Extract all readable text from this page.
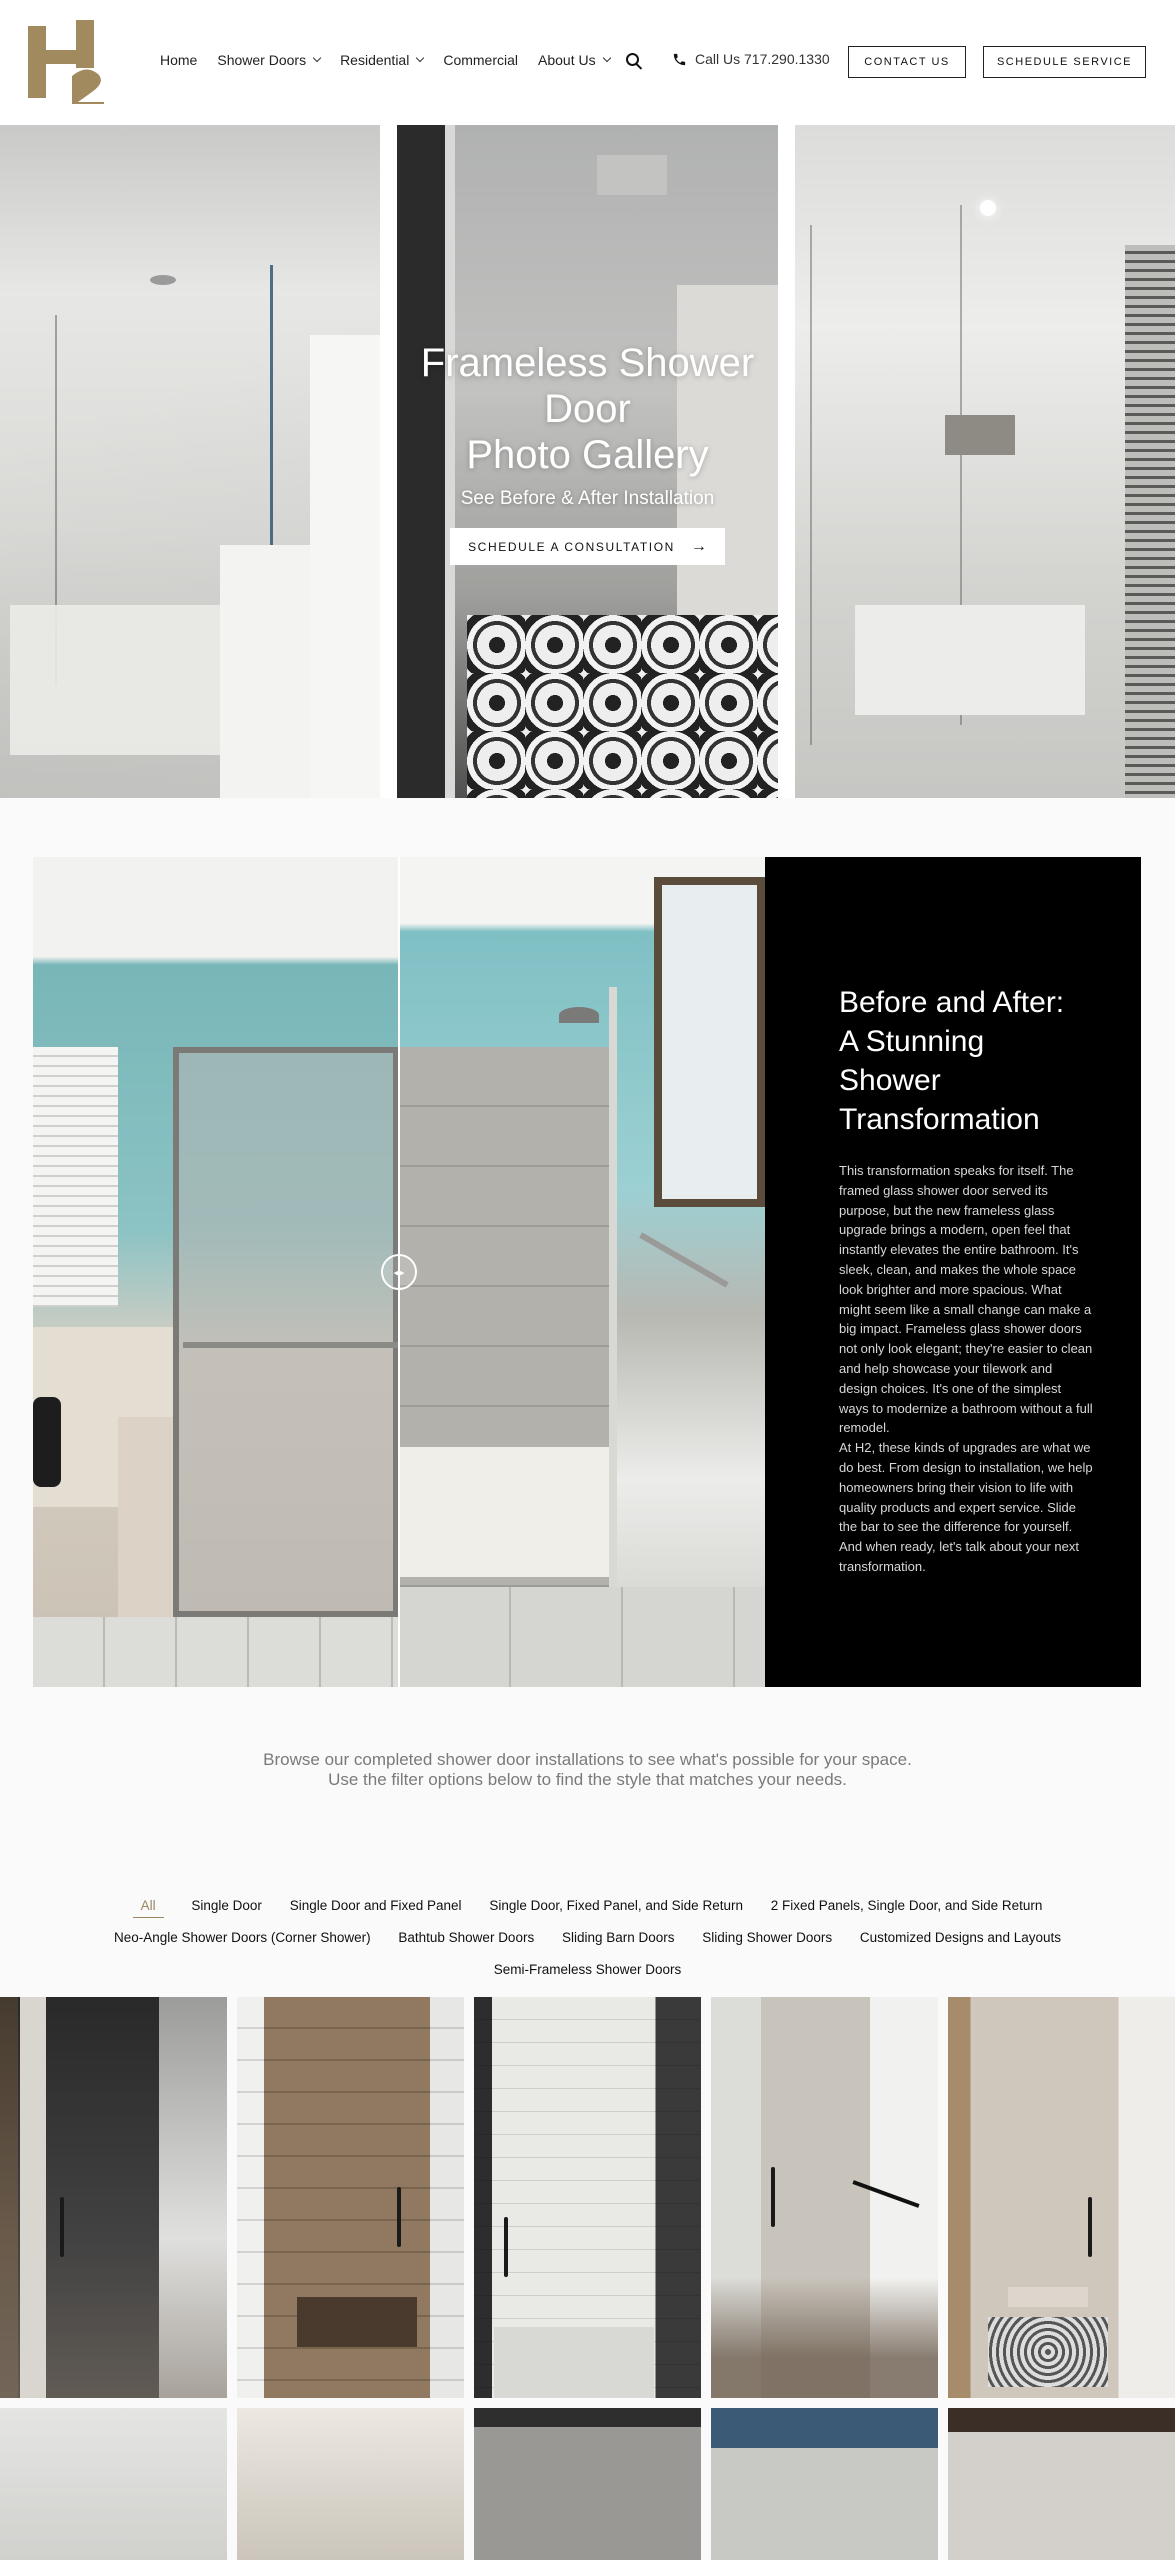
Home Shower Doors Residential Commercial About Us	Call Us 717.290.1330	CONTACT US	SCHEDULE SERVICE
Frameless Shower
Door
Photo Gallery
See Before & After Installation
SCHEDULE A CONSULTATION →
◂▸
Before and After:
A Stunning
Shower
Transformation

This transformation speaks for itself. The framed glass shower door served its purpose, but the new frameless glass upgrade brings a modern, open feel that instantly elevates the entire bathroom. It's sleek, clean, and makes the whole space look brighter and more spacious. What might seem like a small change can make a big impact. Frameless glass shower doors not only look elegant; they're easier to clean and help showcase your tilework and design choices. It's one of the simplest ways to modernize a bathroom without a full remodel.

At H2, these kinds of upgrades are what we do best. From design to installation, we help homeowners bring their vision to life with quality products and expert service. Slide the bar to see the difference for yourself. And when ready, let's talk about your next transformation.

Browse our completed shower door installations to see what's possible for your space.
Use the filter options below to find the style that matches your needs.
All	Single Door Single Door and Fixed Panel Single Door, Fixed Panel, and Side Return 2 Fixed Panels, Single Door, and Side Return
Neo-Angle Shower Doors (Corner Shower) Bathtub Shower Doors Sliding Barn Doors Sliding Shower Doors Customized Designs and Layouts
Semi-Frameless Shower Doors
